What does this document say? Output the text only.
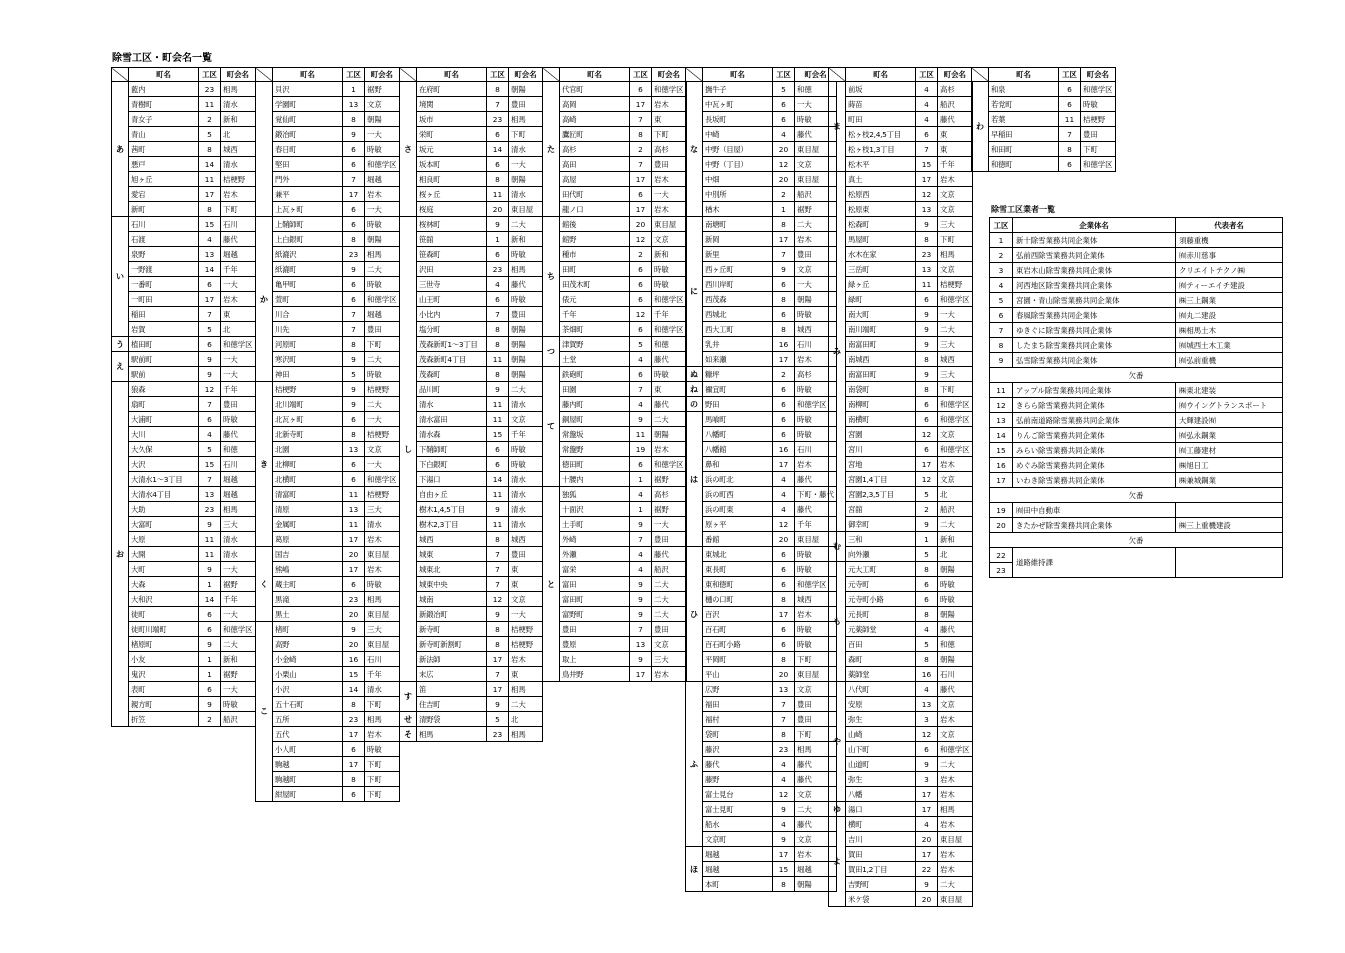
除雪工区・町会名一覧
	町名	工区	町会名
あ	藍内	23	相馬
	青樹町	11	清水
	青女子	2	新和
	青山	5	北
	茜町	8	城西
	悪戸	14	清水
	旭ヶ丘	11	桔梗野
	愛宕	17	岩木
	新町	8	下町
い	石川	15	石川
	石渡	4	藤代
	泉野	13	堀越
	一野渡	14	千年
	一番町	6	一大
	一町田	17	岩木
	稲田	7	東
	岩賀	5	北
う	植田町	6	和徳学区
え	駅前町	9	一大
	駅前	9	一大
お	狼森	12	千年
	扇町	7	豊田
	大浦町	6	時敏
	大川	4	藤代
	大久保	5	和徳
	大沢	15	石川
	大清水1～3丁目	7	堀越
	大清水4丁目	13	堀越
	大助	23	相馬
	大富町	9	三大
	大原	11	清水
	大開	11	清水
	大町	9	一大
	大森	1	裾野
	大和沢	14	千年
	徒町	6	一大
	徒町川端町	6	和徳学区
	楮原町	9	二大
	小友	1	新和
	鬼沢	1	裾野
	表町	6	一大
	親方町	9	時敏
	折笠	2	船沢
	町名	工区	町会名
	貝沢	1	裾野
	学園町	13	文京
	覚仙町	8	朝陽
	鍛冶町	9	一大
	春日町	6	時敏
	堅田	6	和徳学区
	門外	7	堀越
	兼平	17	岩木
	上瓦ヶ町	6	一大
か	上鞘師町	6	時敏
	上白銀町	8	朝陽
	紙漉沢	23	相馬
	紙漉町	9	二大
	亀甲町	6	時敏
	萱町	6	和徳学区
	川合	7	堀越
	川先	7	豊田
	河原町	8	下町
	寒沢町	9	二大
	神田	5	時敏
き	桔梗野	9	桔梗野
	北川端町	9	二大
	北瓦ヶ町	6	一大
	北新寺町	8	桔梗野
	北園	13	文京
	北柳町	6	一大
	北横町	6	和徳学区
	清富町	11	桔梗野
	清原	13	三大
	金属町	11	清水
	葛原	17	岩木
く	国吉	20	東目屋
	熊嶋	17	岩木
	蔵主町	6	時敏
	黒滝	23	相馬
	黒土	20	東目屋
こ	楮町	9	三大
	高野	20	東目屋
	小金崎	16	石川
	小栗山	15	千年
	小沢	14	清水
	五十石町	8	下町
	五所	23	相馬
	五代	17	岩木
	小人町	6	時敏
	駒越	17	下町
	駒越町	8	下町
	紺屋町	6	下町
	町名	工区	町会名
さ	在府町	8	朝陽
	境関	7	豊田
	坂市	23	相馬
	栄町	6	下町
	坂元	14	清水
	坂本町	6	一大
	相良町	8	朝陽
	桜ヶ丘	11	清水
	桜庭	20	東目屋
し	桜林町	9	二大
	笹舘	1	新和
	笹森町	6	時敏
	沢田	23	相馬
	三世寺	4	藤代
	山王町	6	時敏
	小比内	7	豊田
	塩分町	8	朝陽
	茂森新町1～3丁目	8	朝陽
	茂森新町4丁目	11	朝陽
	茂森町	8	朝陽
	品川町	9	二大
	清水	11	清水
	清水富田	11	文京
	清水森	15	千年
	下鞘師町	6	時敏
	下白銀町	6	時敏
	下湯口	14	清水
	自由ヶ丘	11	清水
	樹木1,4,5丁目	9	清水
	樹木2,3丁目	11	清水
	城西	8	城西
	城東	7	豊田
	城東北	7	東
	城東中央	7	東
	城南	12	文京
	新鍛冶町	9	一大
	新寺町	8	桔梗野
	新寺町新割町	8	桔梗野
	新法師	17	岩木
	末広	7	東
す	笛	17	相馬
	住吉町	9	二大
せ	清野袋	5	北
そ	相馬	23	相馬
	町名	工区	町会名
た	代官町	6	和徳学区
	高岡	17	岩木
	高崎	7	東
	鷹匠町	8	下町
	高杉	2	高杉
	高田	7	豊田
	高屋	17	岩木
	田代町	6	一大
	龍ノ口	17	岩木
ち	館後	20	東目屋
	館野	12	文京
	種市	2	新和
	田町	6	時敏
	田茂木町	6	時敏
	俵元	6	和徳学区
	千年	12	千年
	茶畑町	6	和徳学区
つ	津賀野	5	和徳
	土堂	4	藤代
て	鉄砲町	6	時敏
	田園	7	東
	藤内町	4	藤代
	銅屋町	9	二大
	常盤坂	11	朝陽
	常盤野	19	岩木
	徳田町	6	和徳学区
	十腰内	1	裾野
と	独狐	4	高杉
	十面沢	1	裾野
	土手町	9	一大
	外崎	7	豊田
	外瀬	4	藤代
	富栄	4	船沢
	富田	9	二大
	富田町	9	二大
	富野町	9	二大
	豊田	7	豊田
	豊原	13	文京
	取上	9	三大
	鳥井野	17	岩木
	町名	工区	町会名
な	撫牛子	5	和徳
	中瓦ヶ町	6	一大
	長坂町	6	時敏
	中崎	4	藤代
	中野（目屋）	20	東目屋
	中野（丁目）	12	文京
	中畑	20	東目屋
	中別所	2	船沢
	楢木	1	裾野
に	南塘町	8	二大
	新岡	17	岩木
	新里	7	豊田
	西ヶ丘町	9	文京
	西川岸町	6	一大
	西茂森	8	朝陽
	西城北	6	時敏
	西大工町	8	城西
	乳井	16	石川
	如来瀬	17	岩木
ぬ	糠坪	2	高杉
ね	禰宜町	6	時敏
の	野田	6	和徳学区
は	馬喰町	6	時敏
	八幡町	6	時敏
	八幡館	16	石川
	鼻和	17	岩木
	浜の町北	4	藤代
	浜の町西	4	下町・藤代
	浜の町東	4	藤代
	原ヶ平	12	千年
	番館	20	東目屋
ひ	東城北	6	時敏
	東長町	6	時敏
	東和徳町	6	和徳学区
	樋の口町	8	城西
	百沢	17	岩木
	百石町	6	時敏
	百石町小路	6	時敏
	平岡町	8	下町
	平山	20	東目屋
ふ	広野	13	文京
	福田	7	豊田
	福村	7	豊田
	袋町	8	下町
	藤沢	23	相馬
	藤代	4	藤代
	藤野	4	藤代
	富士見台	12	文京
	富士見町	9	二大
	船水	4	藤代
	文京町	9	文京
ほ	堀越	17	岩木
	堀越	15	堀越
	本町	8	朝陽
	町名	工区	町会名
ま	前坂	4	高杉
	蒔苗	4	船沢
	町田	4	藤代
	松ヶ枝2,4,5丁目	6	東
	松ヶ枝1,3丁目	7	東
	松木平	15	千年
み	真土	17	岩木
	松原西	12	文京
	松原東	13	文京
	松森町	9	三大
	馬屋町	8	下町
	水木在家	23	相馬
	三岳町	13	文京
	緑ヶ丘	11	桔梗野
	緑町	6	和徳学区
	南大町	9	一大
	南川端町	9	二大
	南富田町	9	三大
	南城西	8	城西
	南富田町	9	三大
	南袋町	8	下町
	南柳町	6	和徳学区
	南横町	6	和徳学区
	宮園	12	文京
	宮川	6	和徳学区
	宮地	17	岩木
	宮園1,4丁目	12	文京
	宮園2,3,5丁目	5	北
	宮舘	2	船沢
	御幸町	9	二大
む	三和	1	新和
	向外瀬	5	北
も	元大工町	8	朝陽
	元寺町	6	時敏
	元寺町小路	6	時敏
	元長町	8	朝陽
	元薬師堂	4	藤代
	百田	5	和徳
	森町	8	朝陽
	薬師堂	16	石川
や	八代町	4	藤代
	安原	13	文京
	弥生	3	岩木
	山崎	12	文京
	山下町	6	和徳学区
	山道町	9	二大
	弥生	3	岩木
	八幡	17	岩木
ゆ	湯口	17	相馬
よ	横町	4	岩木
	吉川	20	東目屋
	賀田	17	岩木
	賀田1,2丁目	22	岩木
	吉野町	9	二大
	米ケ袋	20	東目屋
	町名	工区	町会名
わ	和泉	6	和徳学区
	若党町	6	時敏
	若葉	11	桔梗野
	早稲田	7	豊田
	和田町	8	下町
	和徳町	6	和徳学区
除雪工区業者一覧
工区	企業体名	代表者名
1	新十除雪業務共同企業体	須藤重機
2	弘前西除雪業務共同企業体	㈲赤川慈事
3	東岩木山除雪業務共同企業体	クリエイトテクノ㈱
4	河西地区除雪業務共同企業体	㈲ティーエイチ建設
5	宮園・青山除雪業務共同企業体	㈱三上鋼業
6	春風除雪業務共同企業体	㈲丸二建設
7	ゆきぐに除雪業務共同企業体	㈱相馬土木
8	したまち除雪業務共同企業体	㈲城西土木工業
9	弘雪除雪業務共同企業体	㈲弘前重機
欠番		
11	アップル除雪業務共同企業体	㈱東北建装
12	きらら除雪業務共同企業体	㈲ウイングトランスポート
13	弘前南道路除雪業務共同企業体	大輝建設㈲
14	りんご除雪業務共同企業体	㈲弘永鋼業
15	みらい除雪業務共同企業体	㈲工藤建材
16	めぐみ除雪業務共同企業体	㈱旭日工
17	いわき除雪業務共同企業体	㈱兼城鋼業
欠番		
19	㈲田中自動車	
20	きたかぜ除雪業務共同企業体	㈱三上重機建設
欠番		
22	道路維持課	
23		
